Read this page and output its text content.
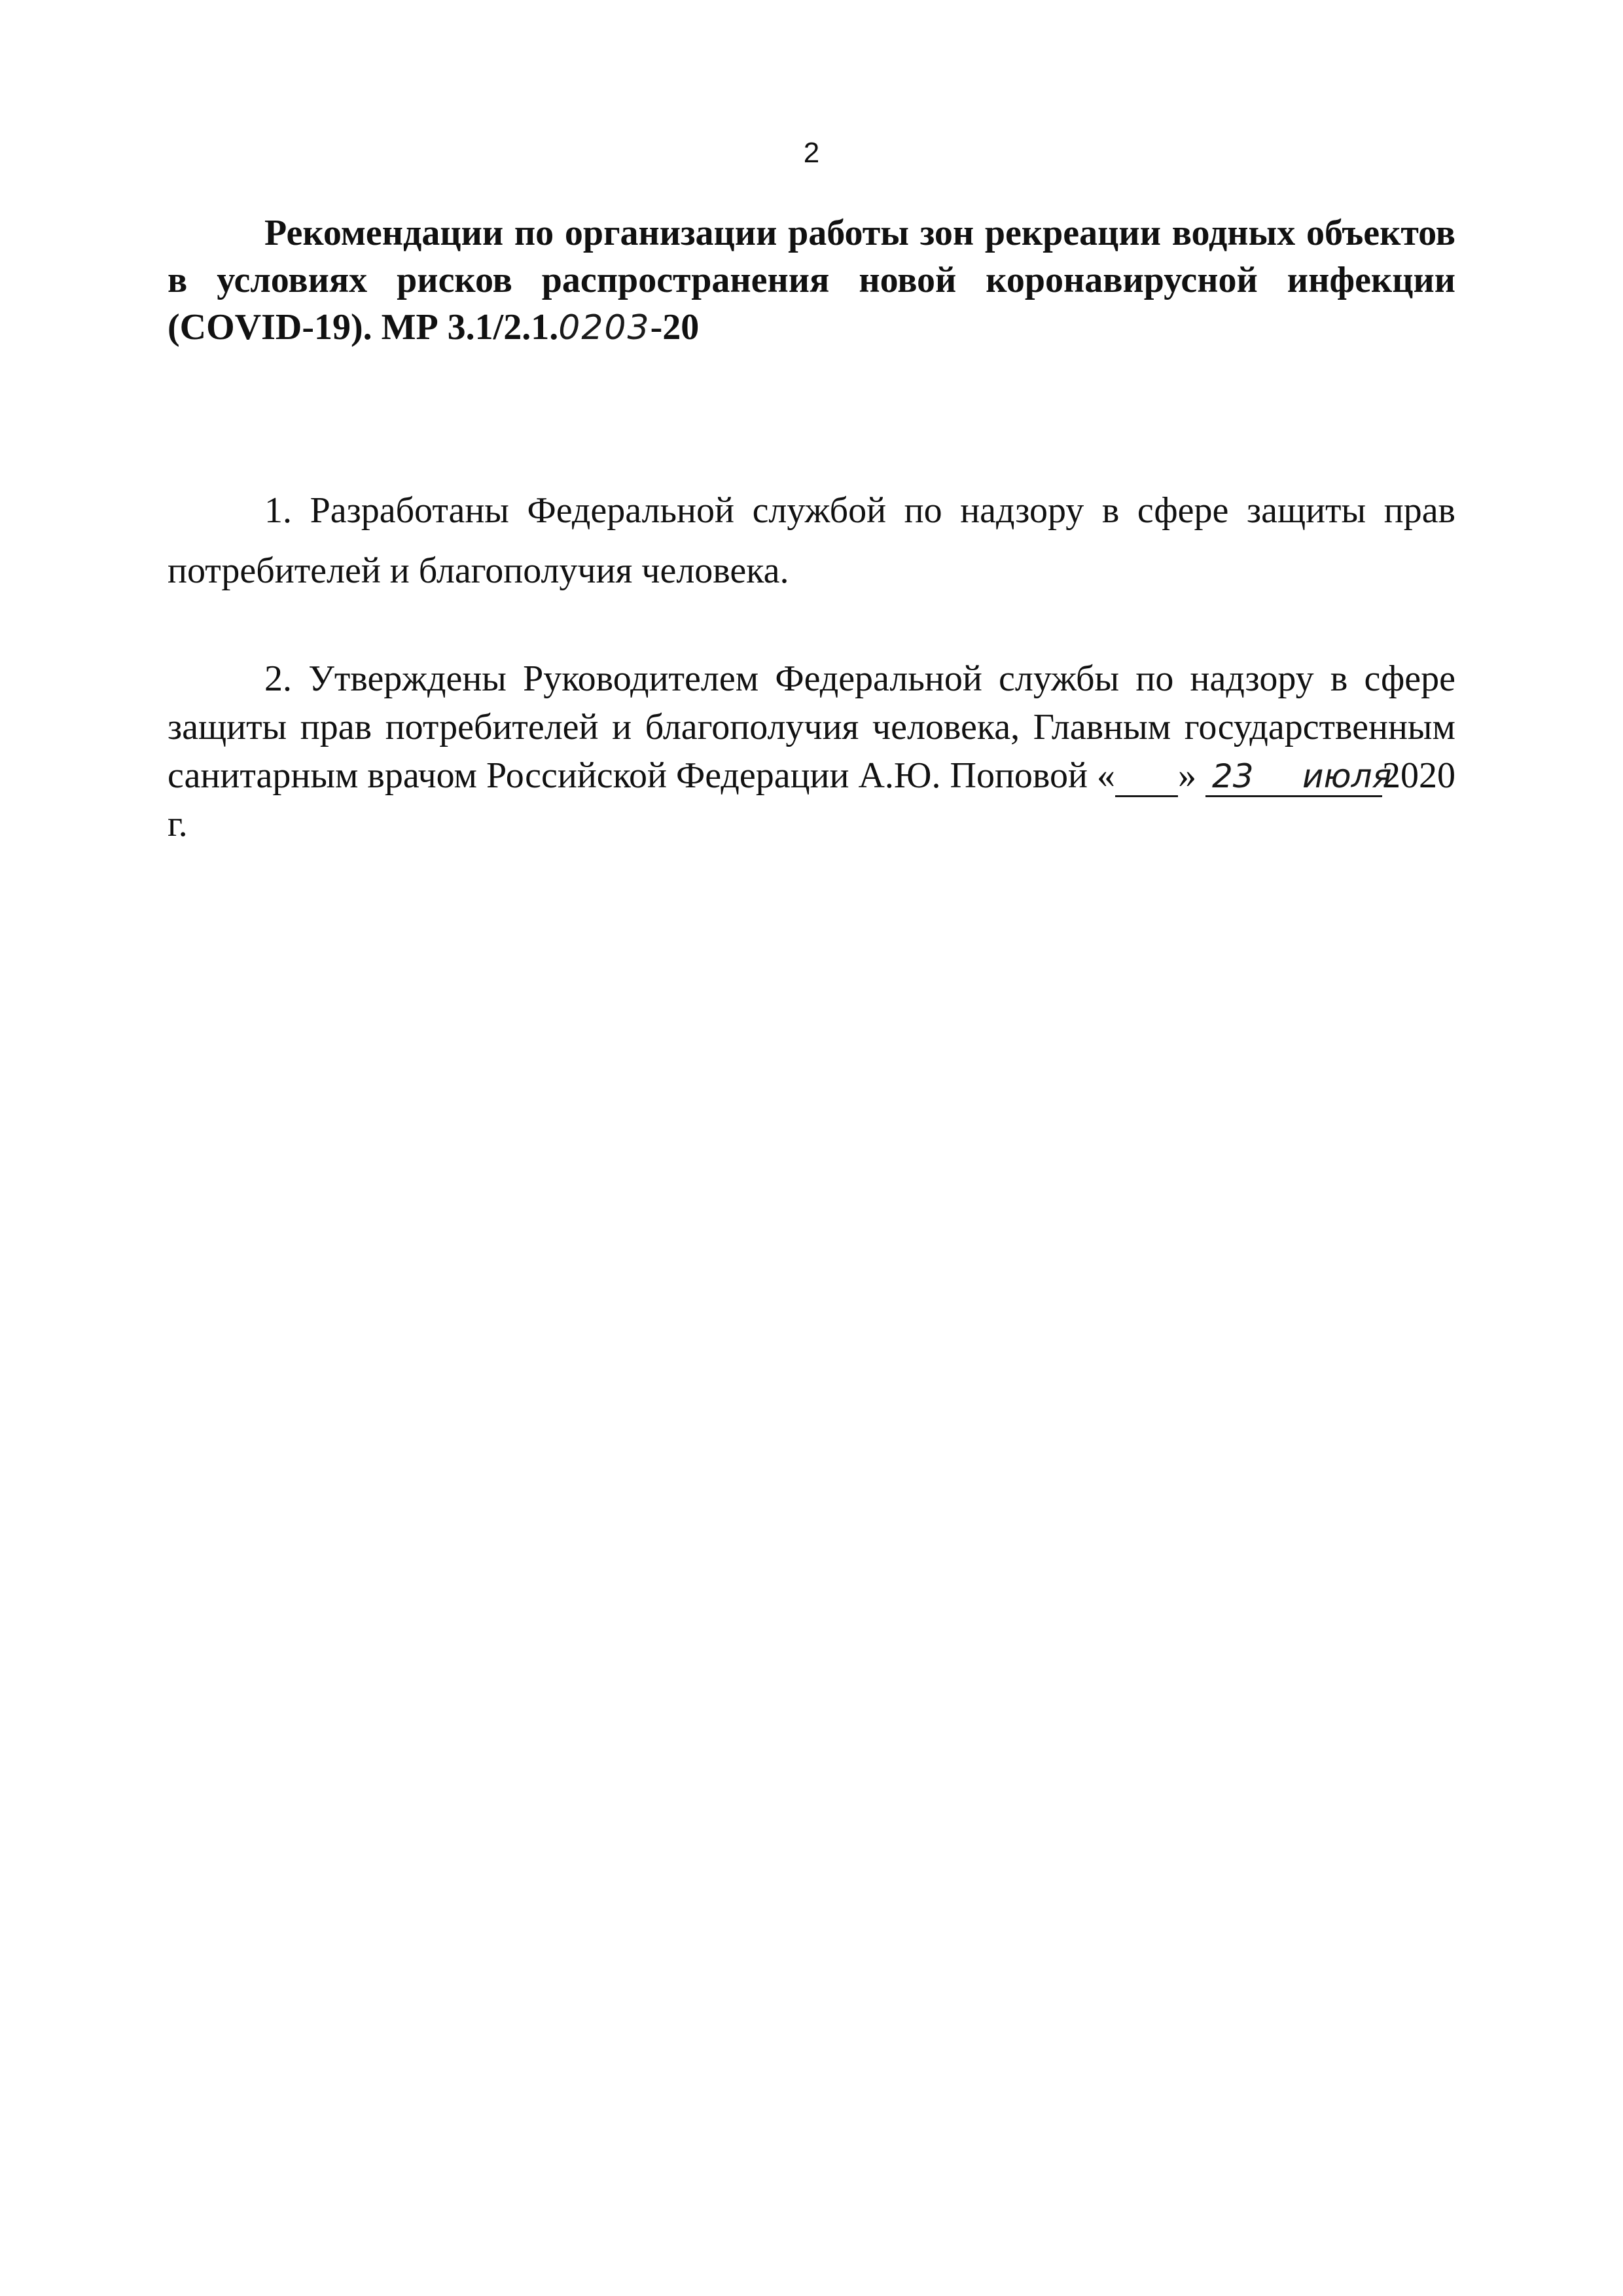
2

Рекомендации по организации работы зон рекреации водных объектов в условиях рисков распространения новой коронавирусной инфекции (COVID-19). МР 3.1/2.1.0203-20

1. Разработаны Федеральной службой по надзору в сфере защиты прав потребителей и благополучия человека.

2. Утверждены Руководителем Федеральной службы по надзору в сфере защиты прав потребителей и благополучия человека, Главным государственным санитарным врачом Российской Федерации А.Ю. Поповой «	23»	июля2020 г.
